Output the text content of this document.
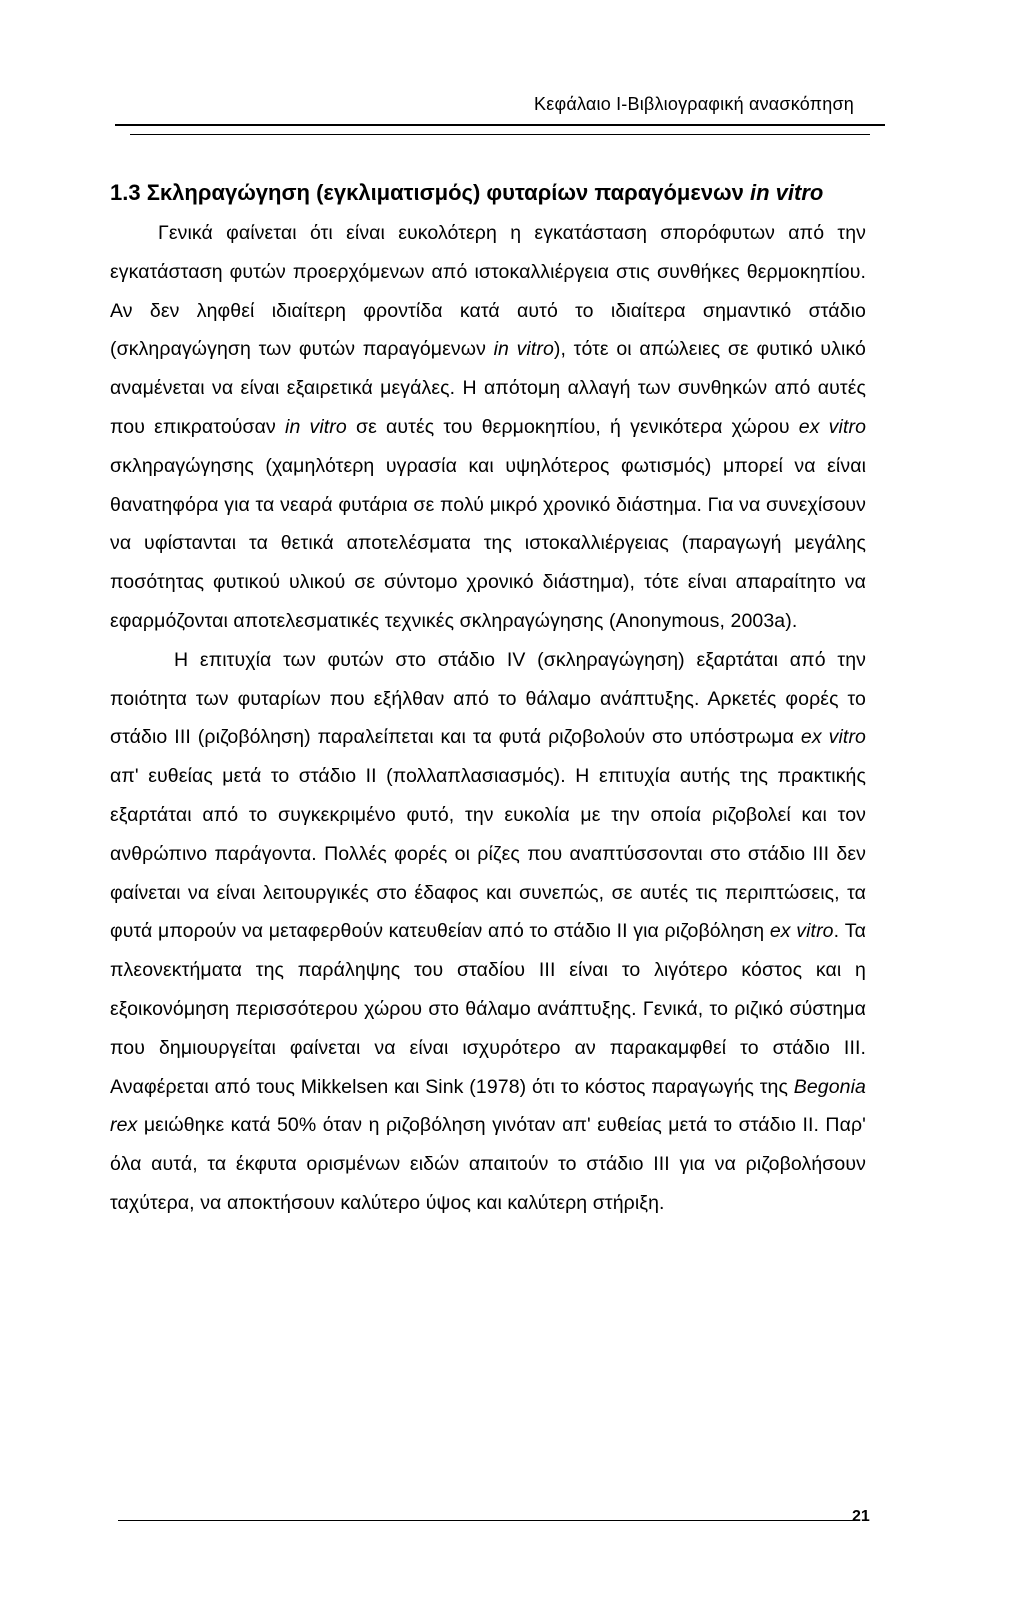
Κεφάλαιο Ι-Βιβλιογραφική ανασκόπηση
1.3 Σκληραγώγηση (εγκλιματισμός) φυταρίων παραγόμενων in vitro

Γενικά φαίνεται ότι είναι ευκολότερη η εγκατάσταση σπορόφυτων από την εγκατάσταση φυτών προερχόμενων από ιστοκαλλιέργεια στις συνθήκες θερμοκηπίου. Αν δεν ληφθεί ιδιαίτερη φροντίδα κατά αυτό το ιδιαίτερα σημαντικό στάδιο (σκληραγώγηση των φυτών παραγόμενων in vitro), τότε οι απώλειες σε φυτικό υλικό αναμένεται να είναι εξαιρετικά μεγάλες. Η απότομη αλλαγή των συνθηκών από αυτές που επικρατούσαν in vitro σε αυτές του θερμοκηπίου, ή γενικότερα χώρου ex vitro σκληραγώγησης (χαμηλότερη υγρασία και υψηλότερος φωτισμός) μπορεί να είναι θανατηφόρα για τα νεαρά φυτάρια σε πολύ μικρό χρονικό διάστημα. Για να συνεχίσουν να υφίστανται τα θετικά αποτελέσματα της ιστοκαλλιέργειας (παραγωγή μεγάλης ποσότητας φυτικού υλικού σε σύντομο χρονικό διάστημα), τότε είναι απαραίτητο να εφαρμόζονται αποτελεσματικές τεχνικές σκληραγώγησης (Anonymous, 2003a).

Η επιτυχία των φυτών στο στάδιο IV (σκληραγώγηση) εξαρτάται από την ποιότητα των φυταρίων που εξήλθαν από το θάλαμο ανάπτυξης. Αρκετές φορές το στάδιο III (ριζοβόληση) παραλείπεται και τα φυτά ριζοβολούν στο υπόστρωμα ex vitro απ' ευθείας μετά το στάδιο II (πολλαπλασιασμός). Η επιτυχία αυτής της πρακτικής εξαρτάται από το συγκεκριμένο φυτό, την ευκολία με την οποία ριζοβολεί και τον ανθρώπινο παράγοντα. Πολλές φορές οι ρίζες που αναπτύσσονται στο στάδιο III δεν φαίνεται να είναι λειτουργικές στο έδαφος και συνεπώς, σε αυτές τις περιπτώσεις, τα φυτά μπορούν να μεταφερθούν κατευθείαν από το στάδιο II για ριζοβόληση ex vitro. Τα πλεονεκτήματα της παράληψης του σταδίου III είναι το λιγότερο κόστος και η εξοικονόμηση περισσότερου χώρου στο θάλαμο ανάπτυξης. Γενικά, το ριζικό σύστημα που δημιουργείται φαίνεται να είναι ισχυρότερο αν παρακαμφθεί το στάδιο III. Αναφέρεται από τους Mikkelsen και Sink (1978) ότι το κόστος παραγωγής της Begonia rex μειώθηκε κατά 50% όταν η ριζοβόληση γινόταν απ' ευθείας μετά το στάδιο II. Παρ' όλα αυτά, τα έκφυτα ορισμένων ειδών απαιτούν το στάδιο III για να ριζοβολήσουν ταχύτερα, να αποκτήσουν καλύτερο ύψος και καλύτερη στήριξη.

21
